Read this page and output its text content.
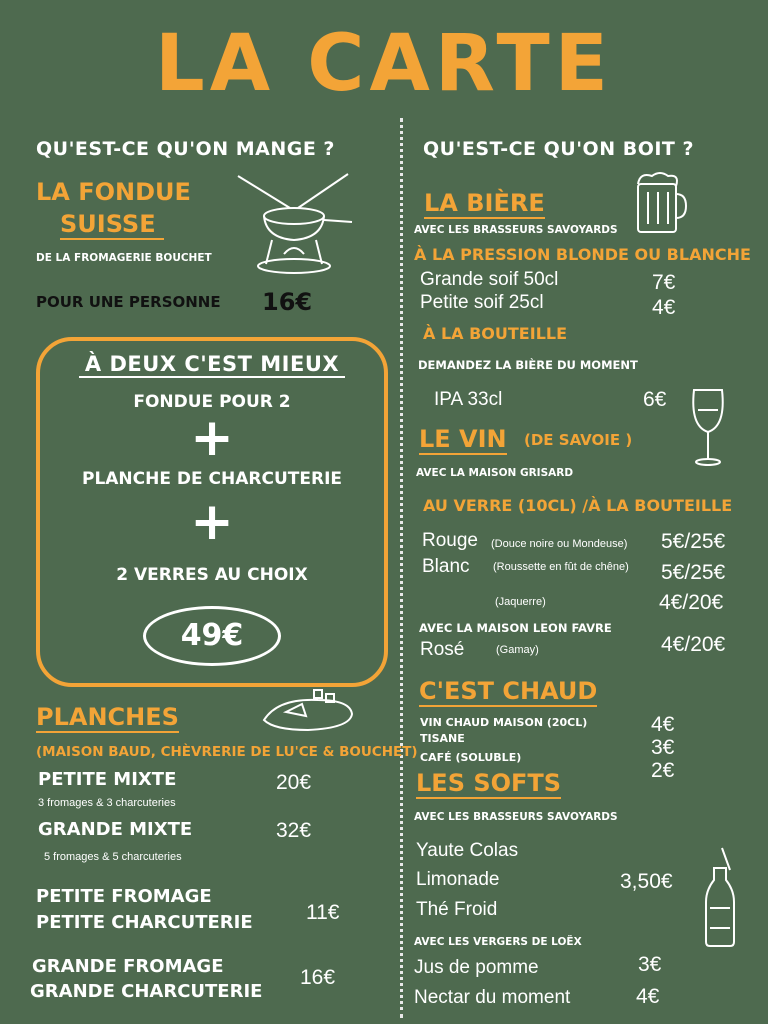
LA CARTE
QU'EST-CE QU'ON MANGE ?
LA FONDUE
SUISSE
DE LA FROMAGERIE BOUCHET
POUR UNE PERSONNE 16€
À DEUX C'EST MIEUX
FONDUE POUR 2
+
PLANCHE DE CHARCUTERIE
+
2 VERRES AU CHOIX
49€
PLANCHES
(MAISON BAUD, CHÈVRERIE DE LU'CE & BOUCHET)
PETITE MIXTE	20€
3 fromages & 3 charcuteries
GRANDE MIXTE	32€
5 fromages & 5 charcuteries
PETITE FROMAGE
PETITE CHARCUTERIE	11€
GRANDE FROMAGE
GRANDE CHARCUTERIE
16€
QU'EST-CE QU'ON BOIT ?
LA BIÈRE
AVEC LES BRASSEURS SAVOYARDS
À LA PRESSION BLONDE OU BLANCHE
Grande soif 50cl	7€
Petite soif 25cl	4€
À LA BOUTEILLE
DEMANDEZ LA BIÈRE DU MOMENT
IPA 33cl	6€
LE VIN (DE SAVOIE )
AVEC LA MAISON GRISARD
AU VERRE (10CL) /À LA BOUTEILLE
Rouge (Douce noire ou Mondeuse) 5€/25€
Blanc (Roussette en fût de chêne) 5€/25€
(Jaquerre)	4€/20€
AVEC LA MAISON LEON FAVRE
Rosé	(Gamay)	4€/20€
C'EST CHAUD
VIN CHAUD MAISON (20CL)	4€
TISANE	3€
CAFÉ (SOLUBLE)
2€
LES SOFTS
AVEC LES BRASSEURS SAVOYARDS
Yaute Colas
Limonade	3,50€
Thé Froid
AVEC LES VERGERS DE LOËX
Jus de pomme	3€
Nectar du moment	4€
